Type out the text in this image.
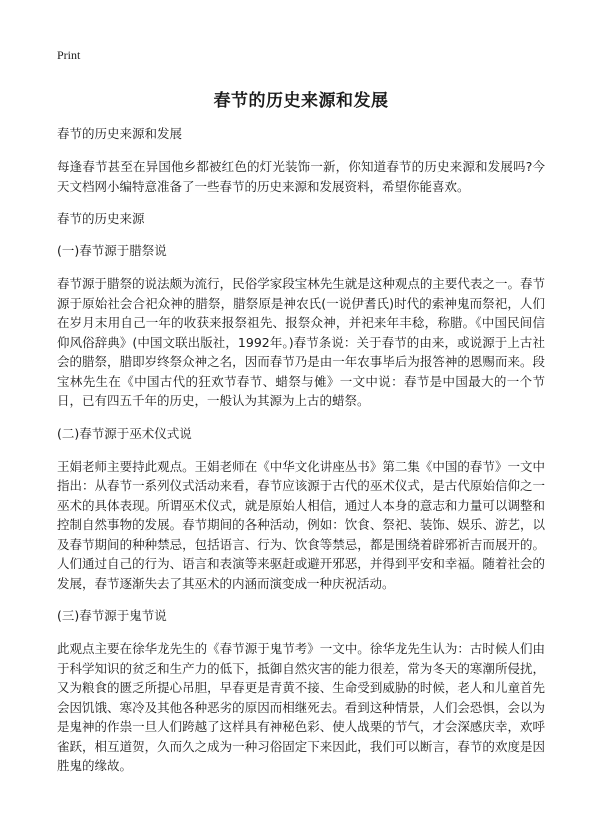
Print
春节的历史来源和发展

春节的历史来源和发展

每逢春节甚至在异国他乡都被红色的灯光装饰一新，你知道春节的历史来源和发展吗?今天文档网小编特意准备了一些春节的历史来源和发展资料，希望你能喜欢。

春节的历史来源

(一)春节源于腊祭说

春节源于腊祭的说法颇为流行，民俗学家段宝林先生就是这种观点的主要代表之一。春节源于原始社会合祀众神的腊祭，腊祭原是神农氏(一说伊耆氏)时代的索神鬼而祭祀，人们在岁月末用自己一年的收获来报祭祖先、报祭众神，并祀来年丰稔，称腊。《中国民间信仰风俗辞典》(中国文联出版社，1992年。)春节条说：关于春节的由来，或说源于上古社会的腊祭，腊即岁终祭众神之名，因而春节乃是由一年农事毕后为报答神的恩赐而来。段宝林先生在《中国古代的狂欢节春节、蜡祭与傩》一文中说：春节是中国最大的一个节日，已有四五千年的历史，一般认为其源为上古的蜡祭。

(二)春节源于巫术仪式说

王娟老师主要持此观点。王娟老师在《中华文化讲座丛书》第二集《中国的春节》一文中指出：从春节一系列仪式活动来看，春节应该源于古代的巫术仪式，是古代原始信仰之一巫术的具体表现。所谓巫术仪式，就是原始人相信，通过人本身的意志和力量可以调整和控制自然事物的发展。春节期间的各种活动，例如：饮食、祭祀、装饰、娱乐、游艺，以及春节期间的种种禁忌，包括语言、行为、饮食等禁忌，都是围绕着辟邪祈吉而展开的。人们通过自己的行为、语言和表演等来驱赶或避开邪恶，并得到平安和幸福。随着社会的发展，春节逐渐失去了其巫术的内涵而演变成一种庆祝活动。

(三)春节源于鬼节说

此观点主要在徐华龙先生的《春节源于鬼节考》一文中。徐华龙先生认为：古时候人们由于科学知识的贫乏和生产力的低下，抵御自然灾害的能力很差，常为冬天的寒潮所侵扰，又为粮食的匮乏所提心吊胆，早春更是青黄不接、生命受到威胁的时候，老人和儿童首先会因饥饿、寒冷及其他各种恶劣的原因而相继死去。看到这种情景，人们会恐惧，会以为是鬼神的作祟一旦人们跨越了这样具有神秘色彩、使人战栗的节气，才会深感庆幸，欢呼雀跃，相互道贺，久而久之成为一种习俗固定下来因此，我们可以断言，春节的欢度是因胜鬼的缘故。
